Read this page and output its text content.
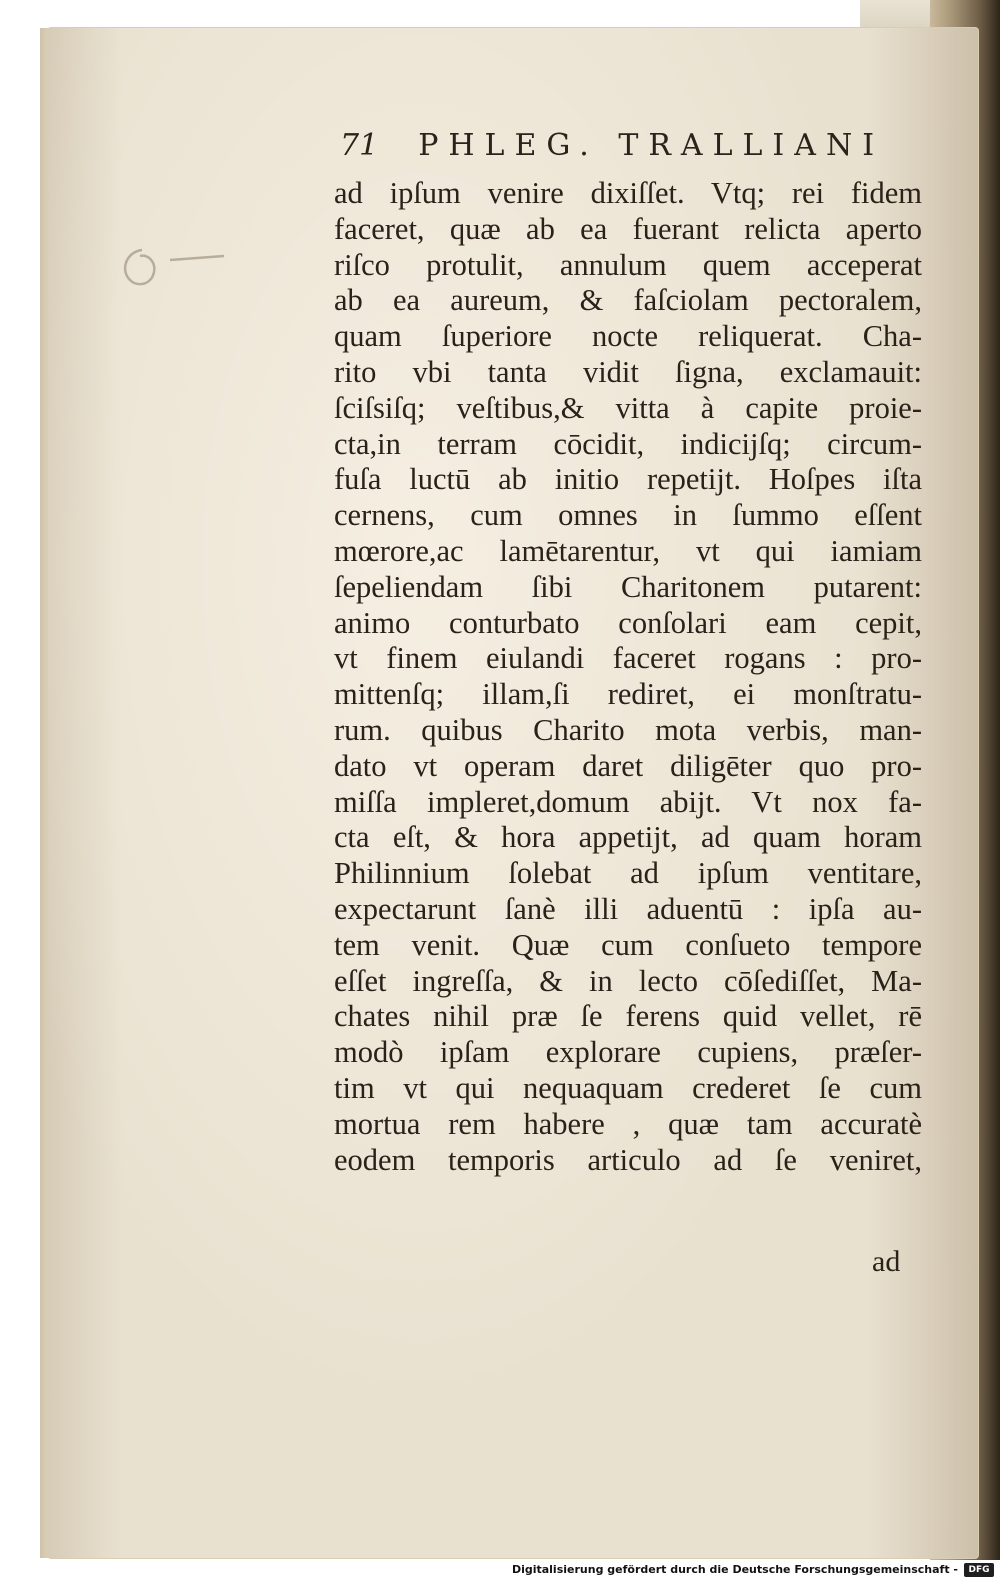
71 PHLEG. TRALLIANI
ad ipſum venire dixiſſet. Vtq; rei fidem
faceret, quæ ab ea fuerant relicta aperto
riſco protulit, annulum quem acceperat
ab ea aureum, & faſciolam pectoralem,
quam ſuperiore nocte reliquerat. Cha-
rito vbi tanta vidit ſigna, exclamauit:
ſciſsiſq; veſtibus,& vitta à capite proie-
cta,in terram cōcidit, indicijſq; circum-
fuſa luctū ab initio repetijt. Hoſpes iſta
cernens, cum omnes in ſummo eſſent
mœrore,ac lamētarentur, vt qui iamiam
ſepeliendam ſibi Charitonem putarent:
animo conturbato conſolari eam cepit,
vt finem eiulandi faceret rogans : pro-
mittenſq; illam,ſi rediret, ei monſtratu-
rum. quibus Charito mota verbis, man-
dato vt operam daret diligēter quo pro-
miſſa impleret,domum abijt. Vt nox fa-
cta eſt, & hora appetijt, ad quam horam
Philinnium ſolebat ad ipſum ventitare,
expectarunt ſanè illi aduentū : ipſa au-
tem venit. Quæ cum conſueto tempore
eſſet ingreſſa, & in lecto cōſediſſet, Ma-
chates nihil præ ſe ferens quid vellet, rē
modò ipſam explorare cupiens, præſer-
tim vt qui nequaquam crederet ſe cum
mortua rem habere , quæ tam accuratè
eodem temporis articulo ad ſe veniret,
ad
Digitalisierung gefördert durch die Deutsche Forschungsgemeinschaft -	DFG
